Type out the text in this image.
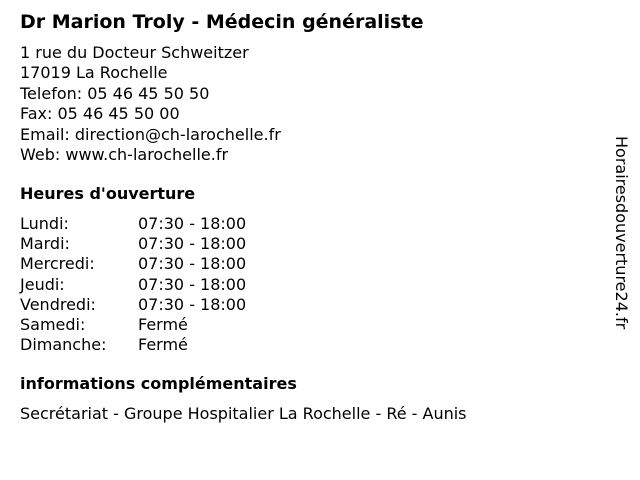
Dr Marion Troly - Médecin généraliste
1 rue du Docteur Schweitzer
17019 La Rochelle
Telefon: 05 46 45 50 50
Fax: 05 46 45 50 00
Email: direction@ch-larochelle.fr
Web: www.ch-larochelle.fr
Heures d'ouverture
Lundi:	07:30 - 18:00
Mardi:	07:30 - 18:00
Mercredi:	07:30 - 18:00
Jeudi:	07:30 - 18:00
Vendredi:	07:30 - 18:00
Samedi:	Fermé
Dimanche:	Fermé
informations complémentaires
Secrétariat - Groupe Hospitalier La Rochelle - Ré - Aunis
Horairesdouverture24.fr
